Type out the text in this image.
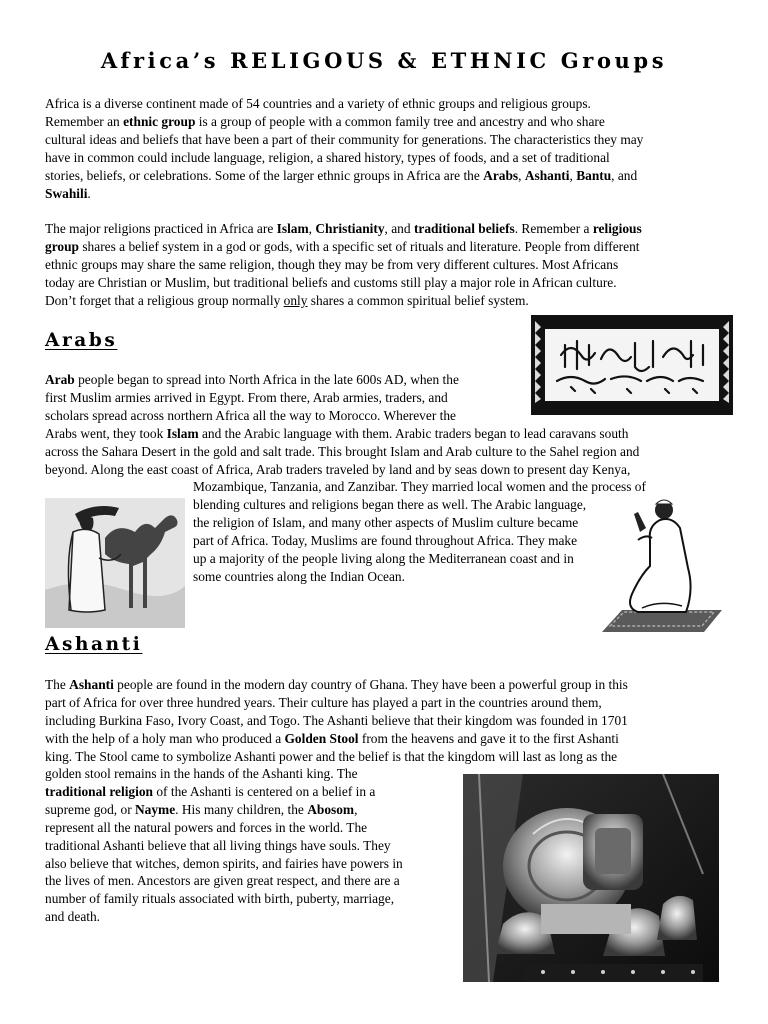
Africa’s RELIGOUS & ETHNIC Groups

Africa is a diverse continent made of 54 countries and a variety of ethnic groups and religious groups.

Remember an ethnic group is a group of people with a common family tree and ancestry and who share

cultural ideas and beliefs that have been a part of their community for generations. The characteristics they may

have in common could include language, religion, a shared history, types of foods, and a set of traditional

stories, beliefs, or celebrations. Some of the larger ethnic groups in Africa are the Arabs, Ashanti, Bantu, and

Swahili.

The major religions practiced in Africa are Islam, Christianity, and traditional beliefs. Remember a religious

group shares a belief system in a god or gods, with a specific set of rituals and literature. People from different

ethnic groups may share the same religion, though they may be from very different cultures. Most Africans

today are Christian or Muslim, but traditional beliefs and customs still play a major role in African culture.

Don’t forget that a religious group normally only shares a common spiritual belief system.

Arabs

Arab people began to spread into North Africa in the late 600s AD, when the

first Muslim armies arrived in Egypt. From there, Arab armies, traders, and

scholars spread across northern Africa all the way to Morocco. Wherever the

Arabs went, they took Islam and the Arabic language with them. Arabic traders began to lead caravans south

across the Sahara Desert in the gold and salt trade. This brought Islam and Arab culture to the Sahel region and

beyond. Along the east coast of Africa, Arab traders traveled by land and by seas down to present day Kenya,

Mozambique, Tanzania, and Zanzibar. They married local women and the process of

blending cultures and religions began there as well. The Arabic language,

the religion of Islam, and many other aspects of Muslim culture became

part of Africa. Today, Muslims are found throughout Africa. They make

up a majority of the people living along the Mediterranean coast and in

some countries along the Indian Ocean.

Ashanti

The Ashanti people are found in the modern day country of Ghana. They have been a powerful group in this

part of Africa for over three hundred years. Their culture has played a part in the countries around them,

including Burkina Faso, Ivory Coast, and Togo. The Ashanti believe that their kingdom was founded in 1701

with the help of a holy man who produced a Golden Stool from the heavens and gave it to the first Ashanti

king. The Stool came to symbolize Ashanti power and the belief is that the kingdom will last as long as the

golden stool remains in the hands of the Ashanti king. The

traditional religion of the Ashanti is centered on a belief in a

supreme god, or Nayme. His many children, the Abosom,

represent all the natural powers and forces in the world. The

traditional Ashanti believe that all living things have souls. They

also believe that witches, demon spirits, and fairies have powers in

the lives of men. Ancestors are given great respect, and there are a

number of family rituals associated with birth, puberty, marriage,

and death.
